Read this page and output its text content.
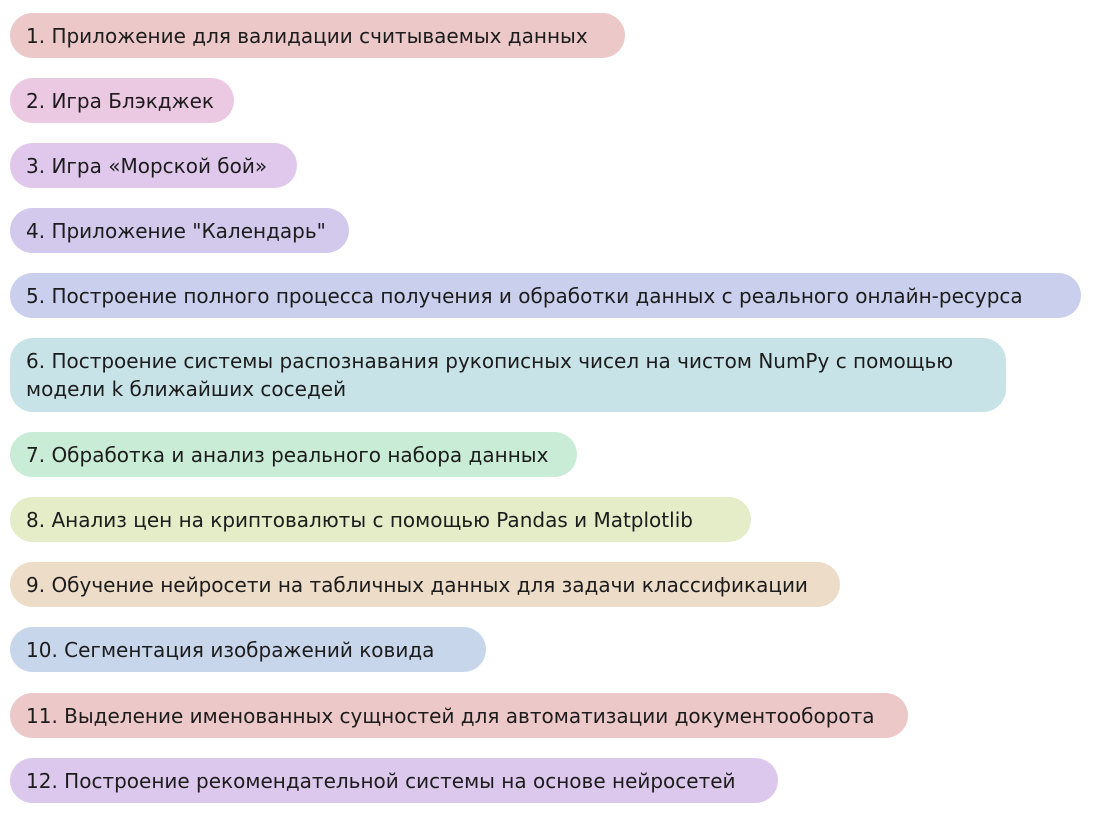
1. Приложение для валидации считываемых данных
2. Игра Блэкджек
3. Игра «Морской бой»
4. Приложение "Календарь"
5. Построение полного процесса получения и обработки данных с реального онлайн-ресурса
6. Построение системы распознавания рукописных чисел на чистом NumPy с помощью модели k ближайших соседей
7. Обработка и анализ реального набора данных
8. Анализ цен на криптовалюты с помощью Pandas и Matplotlib
9. Обучение нейросети на табличных данных для задачи классификации
10. Сегментация изображений ковида
11. Выделение именованных сущностей для автоматизации документооборота
12. Построение рекомендательной системы на основе нейросетей
